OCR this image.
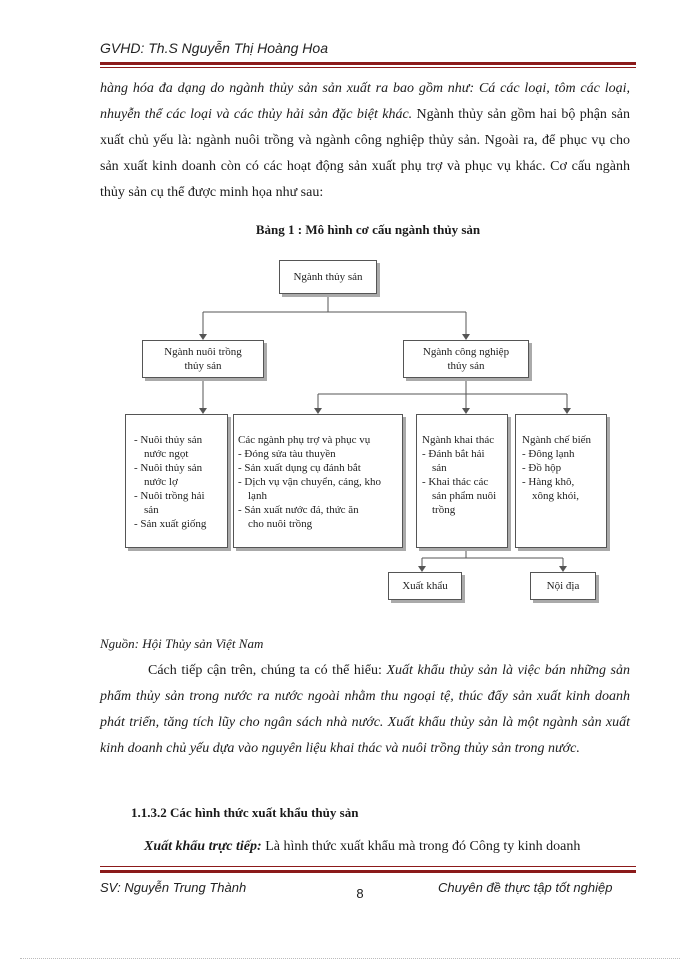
GVHD: Th.S Nguyễn Thị Hoàng Hoa
hàng hóa đa dạng do ngành thủy sản sản xuất ra bao gồm như: Cá các loại, tôm các loại, nhuyễn thể các loại và các thủy hải sản đặc biệt khác. Ngành thủy sản gồm hai bộ phận sản xuất chủ yếu là: ngành nuôi trồng và ngành công nghiệp thủy sản. Ngoài ra, để phục vụ cho sản xuất kinh doanh còn có các hoạt động sản xuất phụ trợ và phục vụ khác. Cơ cấu ngành thủy sản cụ thể được minh họa như sau:
Bảng 1 : Mô hình cơ cấu ngành thủy sản
Ngành thủy sản
Ngành nuôi trồng
thủy sản
Ngành công nghiệp
thủy sản
- Nuôi thủy sản
nước ngọt
- Nuôi thủy sản
nước lợ
- Nuôi trồng hải
sản
- Sản xuất giống
Các ngành phụ trợ và phục vụ
- Đóng sửa tàu thuyền
- Sản xuất dụng cụ đánh bắt
- Dịch vụ vận chuyển, cảng, kho
lạnh
- Sản xuất nước đá, thức ăn
cho nuôi trồng
Ngành khai thác
- Đánh bắt hải
sản
- Khai thác các
sản phẩm nuôi
trồng
Ngành chế biến
- Đông lạnh
- Đồ hộp
- Hàng khô,
xông khói,
Xuất khẩu	Nội địa
Nguồn: Hội Thủy sản Việt Nam
Cách tiếp cận trên, chúng ta có thể hiểu: Xuất khẩu thủy sản là việc bán những sản phẩm thủy sản trong nước ra nước ngoài nhằm thu ngoại tệ, thúc đẩy sản xuất kinh doanh phát triển, tăng tích lũy cho ngân sách nhà nước. Xuất khẩu thủy sản là một ngành sản xuất kinh doanh chủ yếu dựa vào nguyên liệu khai thác và nuôi trồng thủy sản trong nước.
1.1.3.2 Các hình thức xuất khẩu thủy sản
Xuất khẩu trực tiếp: Là hình thức xuất khẩu mà trong đó Công ty kinh doanh
SV: Nguyễn Trung Thành	8	Chuyên đề thực tập tốt nghiệp
